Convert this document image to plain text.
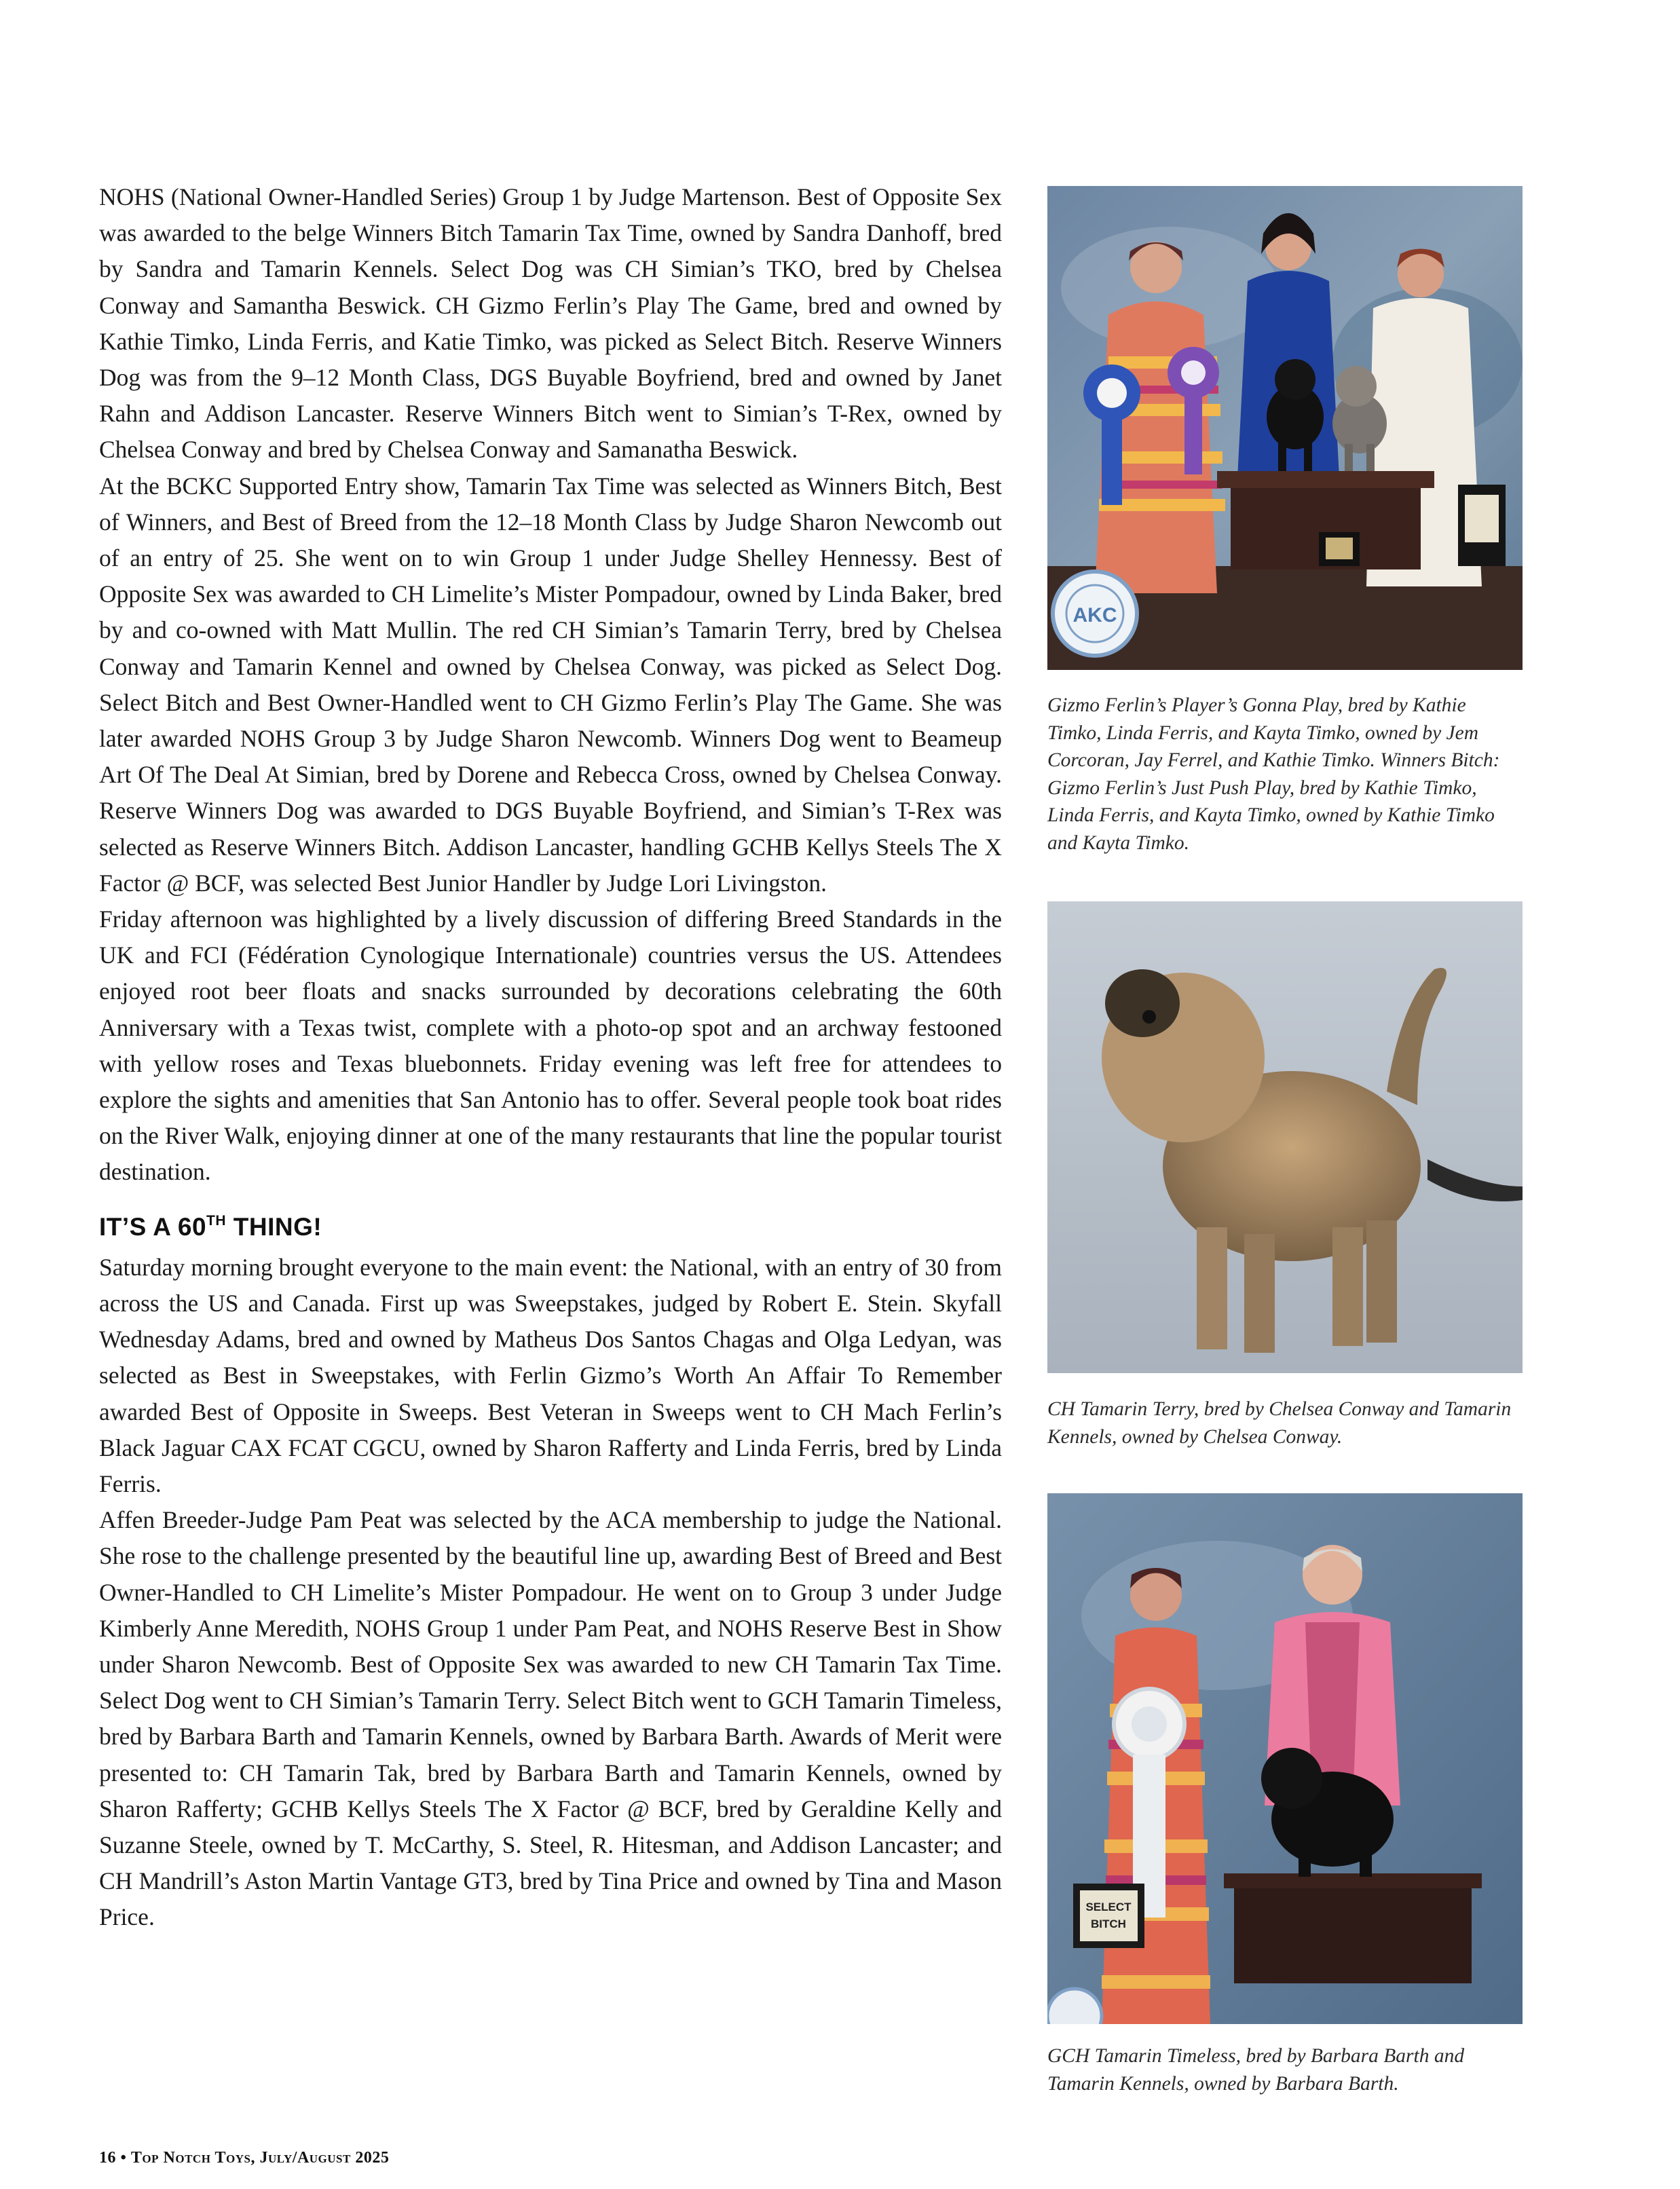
NOHS (National Owner-Handled Series) Group 1 by Judge Martenson. Best of Opposite Sex was awarded to the belge Winners Bitch Tamarin Tax Time, owned by Sandra Danhoff, bred by Sandra and Tamarin Kennels. Select Dog was CH Simian’s TKO, bred by Chelsea Conway and Samantha Beswick. CH Gizmo Ferlin’s Play The Game, bred and owned by Kathie Timko, Linda Ferris, and Katie Timko, was picked as Select Bitch. Reserve Winners Dog was from the 9–12 Month Class, DGS Buyable Boyfriend, bred and owned by Janet Rahn and Addison Lancaster. Reserve Winners Bitch went to Simian’s T-Rex, owned by Chelsea Conway and bred by Chelsea Conway and Samanatha Beswick.

At the BCKC Supported Entry show, Tamarin Tax Time was selected as Winners Bitch, Best of Winners, and Best of Breed from the 12–18 Month Class by Judge Sharon Newcomb out of an entry of 25. She went on to win Group 1 under Judge Shelley Hennessy. Best of Opposite Sex was awarded to CH Limelite’s Mister Pompadour, owned by Linda Baker, bred by and co-owned with Matt Mullin. The red CH Simian’s Tamarin Terry, bred by Chelsea Conway and Tamarin Kennel and owned by Chelsea Conway, was picked as Select Dog. Select Bitch and Best Owner-Handled went to CH Gizmo Ferlin’s Play The Game. She was later awarded NOHS Group 3 by Judge Sharon Newcomb. Winners Dog went to Beameup Art Of The Deal At Simian, bred by Dorene and Rebecca Cross, owned by Chelsea Conway. Reserve Winners Dog was awarded to DGS Buyable Boyfriend, and Simian’s T-Rex was selected as Reserve Winners Bitch. Addison Lancaster, handling GCHB Kellys Steels The X Factor @ BCF, was selected Best Junior Handler by Judge Lori Livingston.

Friday afternoon was highlighted by a lively discussion of differing Breed Standards in the UK and FCI (Fédération Cynologique Internationale) countries versus the US. Attendees enjoyed root beer floats and snacks surrounded by decorations celebrating the 60th Anniversary with a Texas twist, complete with a photo-op spot and an archway festooned with yellow roses and Texas bluebonnets. Friday evening was left free for attendees to explore the sights and amenities that San Antonio has to offer. Several people took boat rides on the River Walk, enjoying dinner at one of the many restaurants that line the popular tourist destination.

IT’S A 60TH THING!

Saturday morning brought everyone to the main event: the National, with an entry of 30 from across the US and Canada. First up was Sweepstakes, judged by Robert E. Stein. Skyfall Wednesday Adams, bred and owned by Matheus Dos Santos Chagas and Olga Ledyan, was selected as Best in Sweepstakes, with Ferlin Gizmo’s Worth An Affair To Remember awarded Best of Opposite in Sweeps. Best Veteran in Sweeps went to CH Mach Ferlin’s Black Jaguar CAX FCAT CGCU, owned by Sharon Rafferty and Linda Ferris, bred by Linda Ferris.

Affen Breeder-Judge Pam Peat was selected by the ACA membership to judge the National. She rose to the challenge presented by the beautiful line up, awarding Best of Breed and Best Owner-Handled to CH Limelite’s Mister Pompadour. He went on to Group 3 under Judge Kimberly Anne Meredith, NOHS Group 1 under Pam Peat, and NOHS Reserve Best in Show under Sharon Newcomb. Best of Opposite Sex was awarded to new CH Tamarin Tax Time. Select Dog went to CH Simian’s Tamarin Terry. Select Bitch went to GCH Tamarin Timeless, bred by Barbara Barth and Tamarin Kennels, owned by Barbara Barth. Awards of Merit were presented to: CH Tamarin Tak, bred by Barbara Barth and Tamarin Kennels, owned by Sharon Rafferty; GCHB Kellys Steels The X Factor @ BCF, bred by Geraldine Kelly and Suzanne Steele, owned by T. McCarthy, S. Steel, R. Hitesman, and Addison Lancaster; and CH Mandrill’s Aston Martin Vantage GT3, bred by Tina Price and owned by Tina and Mason Price.

AKC

Gizmo Ferlin’s Player’s Gonna Play, bred by Kathie Timko, Linda Ferris, and Kayta Timko, owned by Jem Corcoran, Jay Ferrel, and Kathie Timko. Winners Bitch: Gizmo Ferlin’s Just Push Play, bred by Kathie Timko, Linda Ferris, and Kayta Timko, owned by Kathie Timko and Kayta Timko.

CH Tamarin Terry, bred by Chelsea Conway and Tamarin Kennels, owned by Chelsea Conway.

SELECT
BITCH

GCH Tamarin Timeless, bred by Barbara Barth and Tamarin Kennels, owned by Barbara Barth.

16 • Top Notch Toys, July/August 2025
